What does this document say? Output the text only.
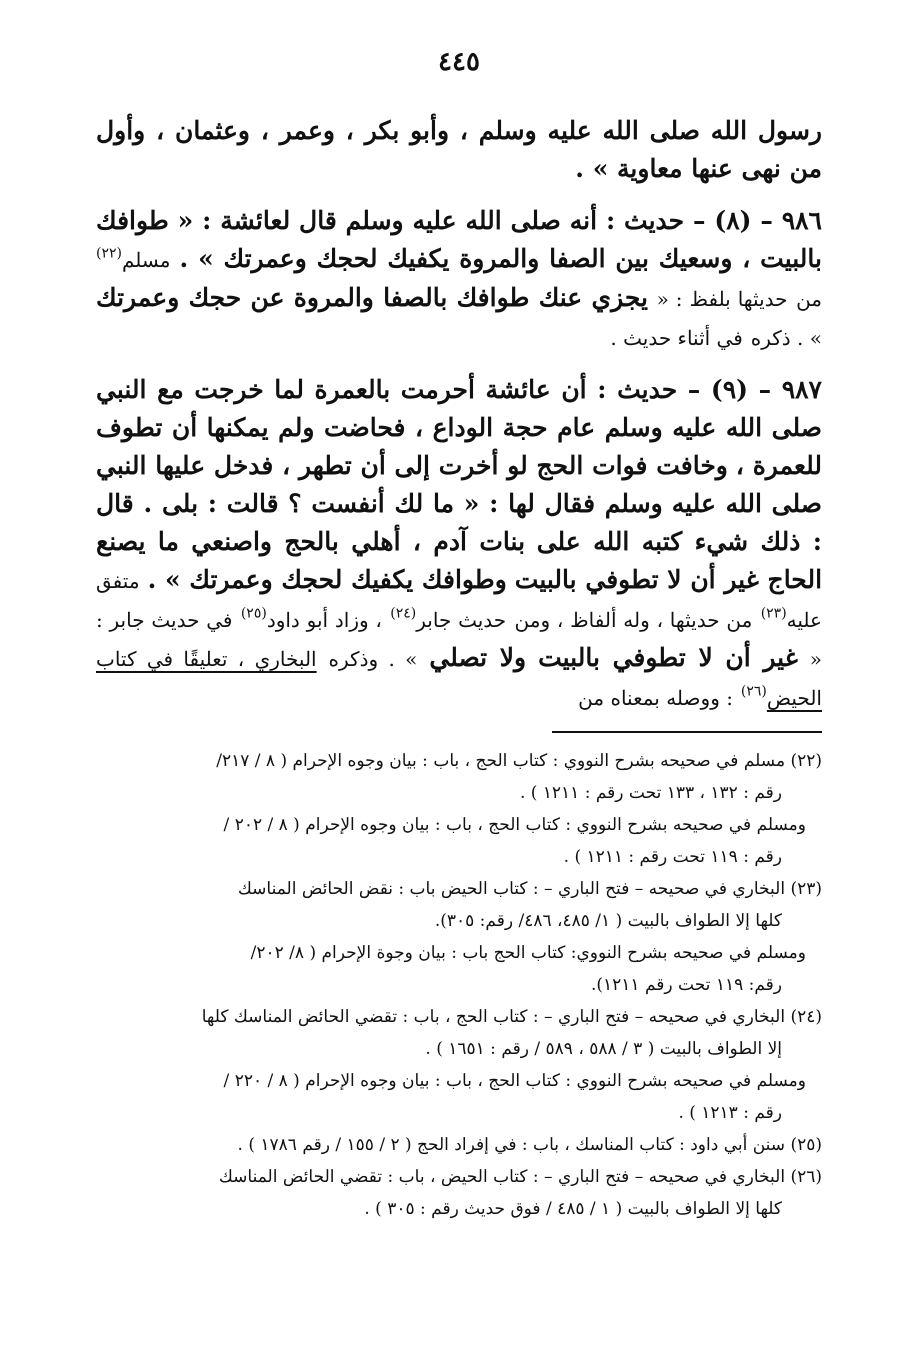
٤٤٥

رسول الله صلى الله عليه وسلم ، وأبو بكر ، وعمر ، وعثمان ، وأول من نهى عنها معاوية » .

٩٨٦ – (٨) – حديث : أنه صلى الله عليه وسلم قال لعائشة : « طوافك بالبيت ، وسعيك بين الصفا والمروة يكفيك لحجك وعمرتك » . مسلم$^{(٢٢)}$ من حديثها بلفظ : « يجزي عنك طوافك بالصفا والمروة عن حجك وعمرتك » . ذكره في أثناء حديث .

٩٨٧ – (٩) – حديث : أن عائشة أحرمت بالعمرة لما خرجت مع النبي صلى الله عليه وسلم عام حجة الوداع ، فحاضت ولم يمكنها أن تطوف للعمرة ، وخافت فوات الحج لو أخرت إلى أن تطهر ، فدخل عليها النبي صلى الله عليه وسلم فقال لها : « ما لك أنفست ؟ قالت : بلى . قال : ذلك شيء كتبه الله على بنات آدم ، أهلي بالحج واصنعي ما يصنع الحاج غير أن لا تطوفي بالبيت وطوافك يكفيك لحجك وعمرتك » . متفق عليه$^{(٢٣)}$ من حديثها ، وله ألفاظ ، ومن حديث جابر$^{(٢٤)}$ ، وزاد أبو داود$^{(٢٥)}$ في حديث جابر : « غير أن لا تطوفي بالبيت ولا تصلي » . وذكره البخاري ، تعليقًا في كتاب الحيض$^{(٢٦)}$ : ووصله بمعناه من

(٢٢) مسلم في صحيحه بشرح النووي : كتاب الحج ، باب : بيان وجوه الإحرام ( ٨ / ٢١٧/
رقم : ١٣٢ ، ١٣٣ تحت رقم : ١٢١١ ) .
ومسلم في صحيحه بشرح النووي : كتاب الحج ، باب : بيان وجوه الإحرام ( ٨ / ٢٠٢ /
رقم : ١١٩ تحت رقم : ١٢١١ ) .
(٢٣) البخاري في صحيحه – فتح الباري – : كتاب الحيض باب : نقض الحائض المناسك
كلها إلا الطواف بالبيت ( ١/ ٤٨٥، ٤٨٦/ رقم: ٣٠٥).
ومسلم في صحيحه بشرح النووي: كتاب الحج باب : بيان وجوة الإحرام ( ٨/ ٢٠٢/
رقم: ١١٩ تحت رقم ١٢١١).
(٢٤) البخاري في صحيحه – فتح الباري – : كتاب الحج ، باب : تقضي الحائض المناسك كلها
إلا الطواف بالبيت ( ٣ / ٥٨٨ ، ٥٨٩ / رقم : ١٦٥١ ) .
ومسلم في صحيحه بشرح النووي : كتاب الحج ، باب : بيان وجوه الإحرام ( ٨ / ٢٢٠ /
رقم : ١٢١٣ ) .
(٢٥) سنن أبي داود : كتاب المناسك ، باب : في إفراد الحج ( ٢ / ١٥٥ / رقم ١٧٨٦ ) .
(٢٦) البخاري في صحيحه – فتح الباري – : كتاب الحيض ، باب : تقضي الحائض المناسك
كلها إلا الطواف بالبيت ( ١ / ٤٨٥ / فوق حديث رقم : ٣٠٥ ) .
